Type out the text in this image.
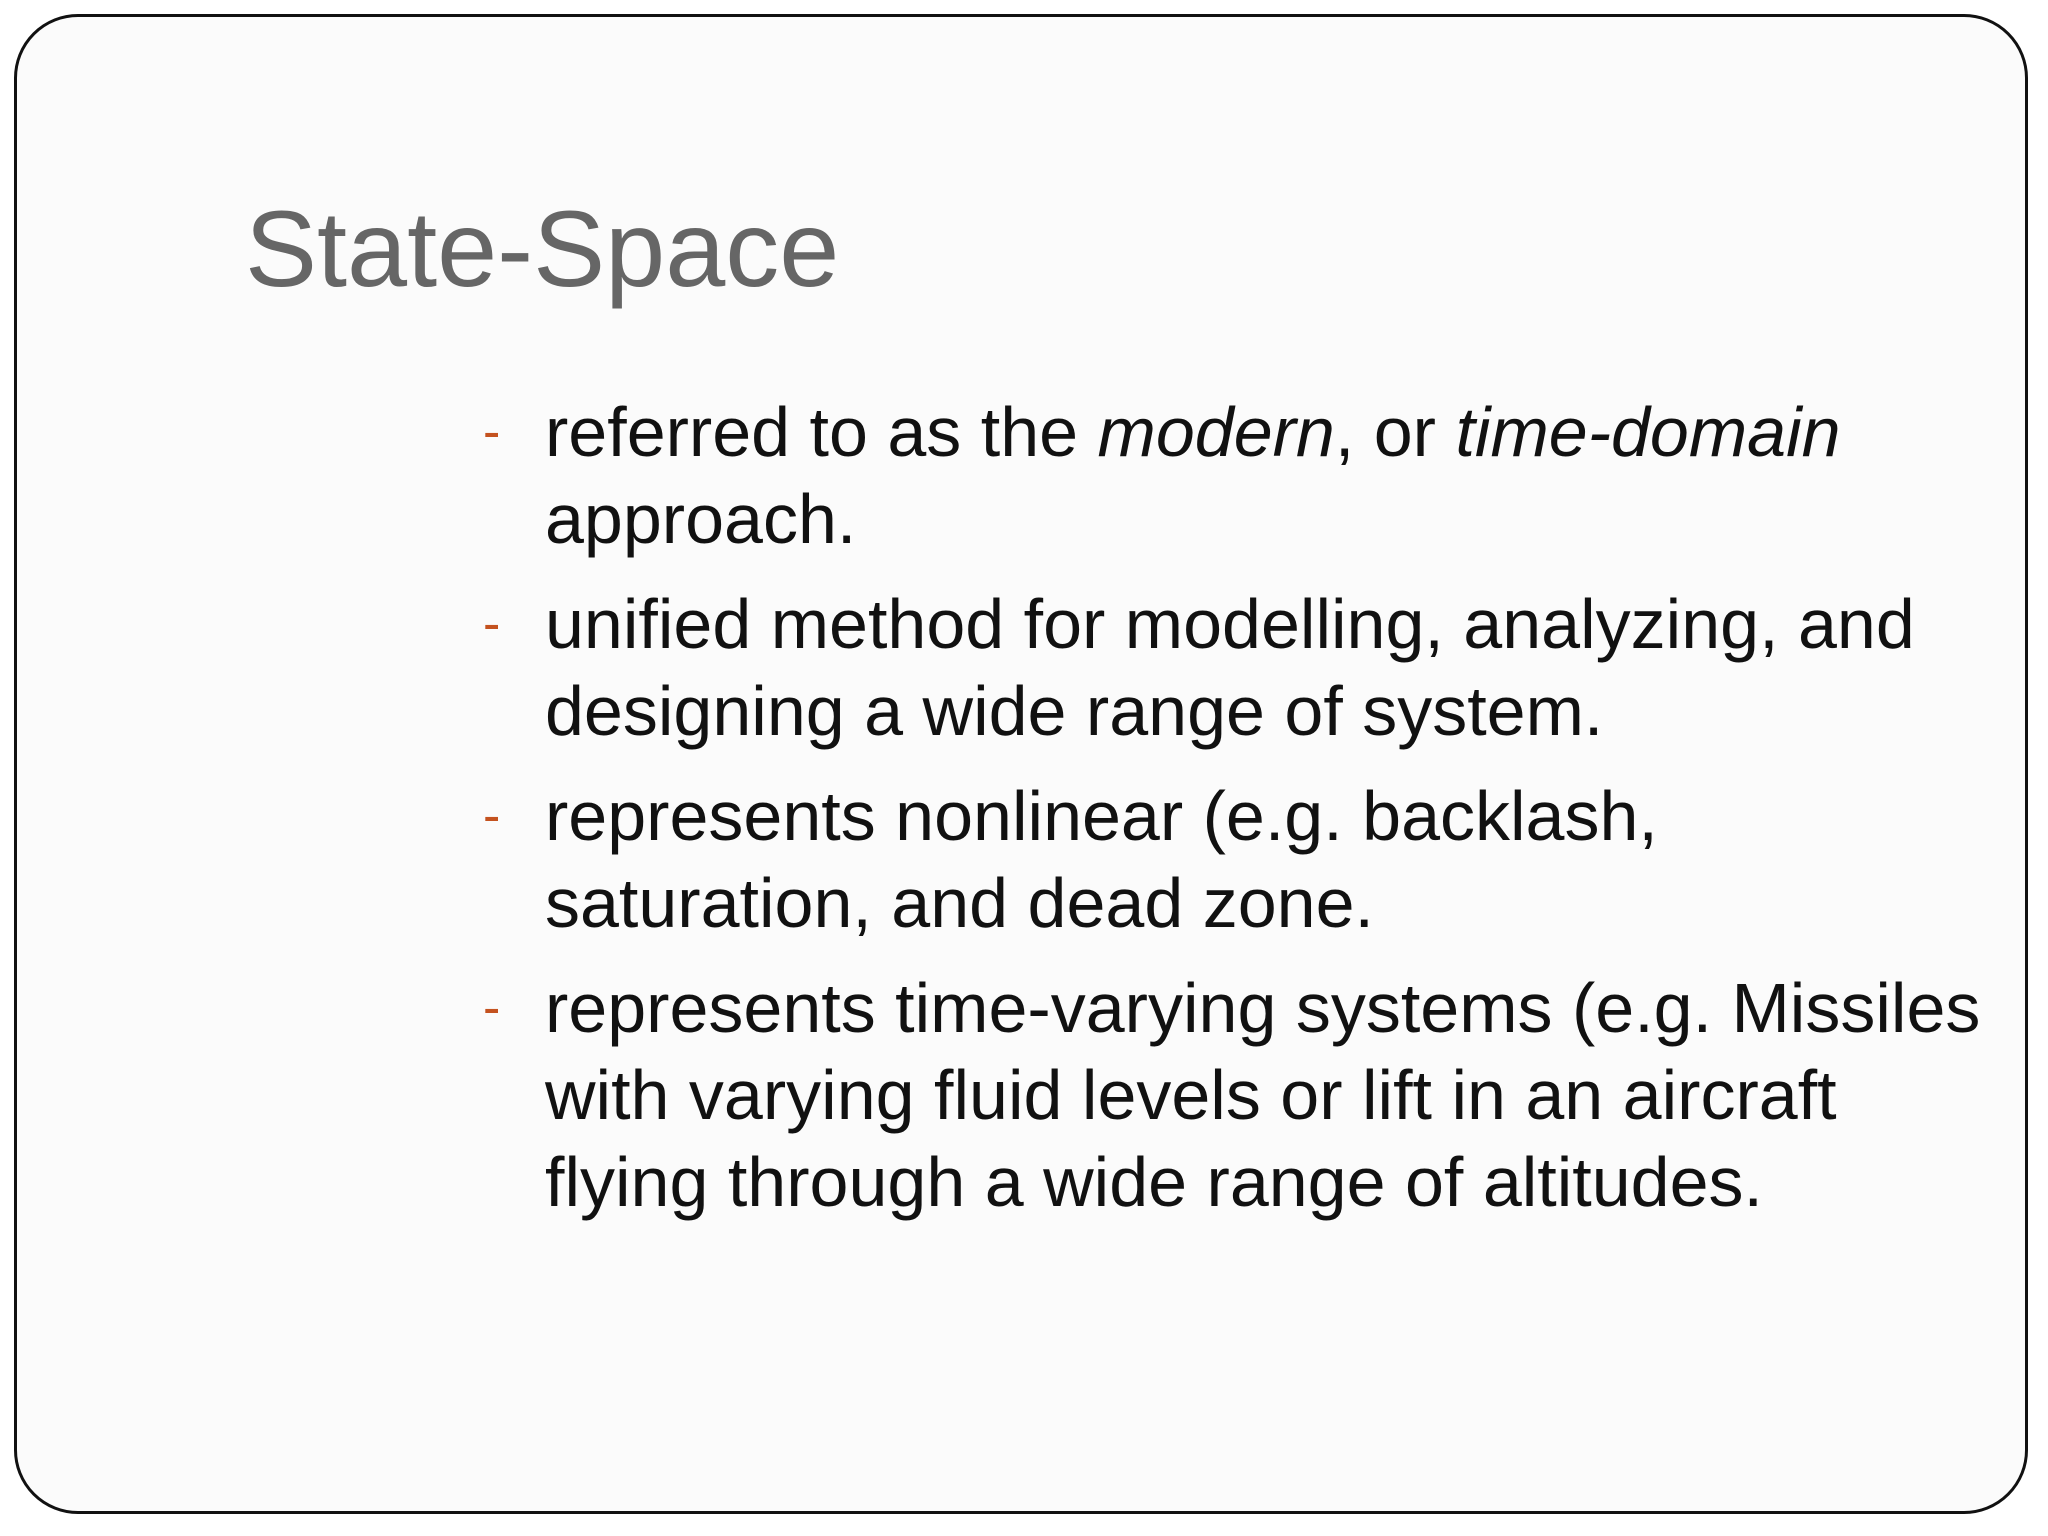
State-Space
- referred to as the modern, or time-domain approach.
- unified method for modelling, analyzing, and designing a wide range of system.
- represents nonlinear (e.g. backlash, saturation, and dead zone.
- represents time-varying systems (e.g. Missiles with varying fluid levels or lift in an aircraft flying through a wide range of altitudes.
